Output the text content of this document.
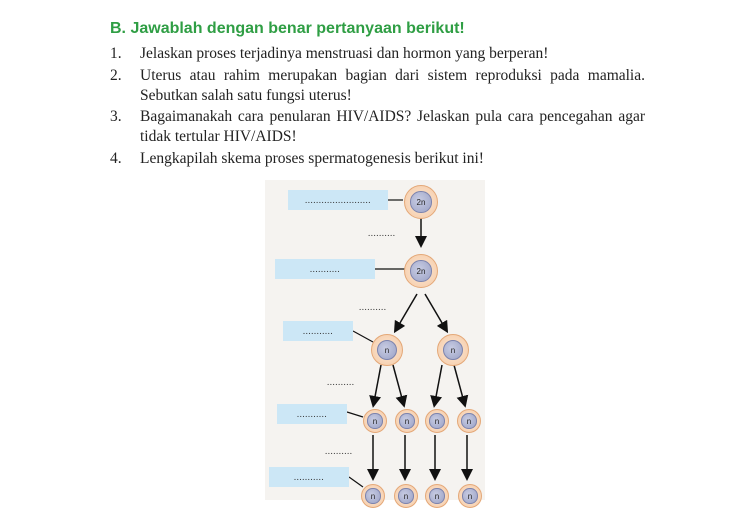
B. Jawablah dengan benar pertanyaan berikut!
1. Jelaskan proses terjadinya menstruasi dan hormon yang berperan!
2. Uterus atau rahim merupakan bagian dari sistem reproduksi pada mamalia. Sebutkan salah satu fungsi uterus!
3. Bagaimanakah cara penularan HIV/AIDS? Jelaskan pula cara pencegahan agar tidak tertular HIV/AIDS!
4. Lengkapilah skema proses spermatogenesis berikut ini!
........................
...........
...........
...........
...........
..........
..........
..........
..........
2n
2n
n	n
n	n	n	n
n	n	n	n
